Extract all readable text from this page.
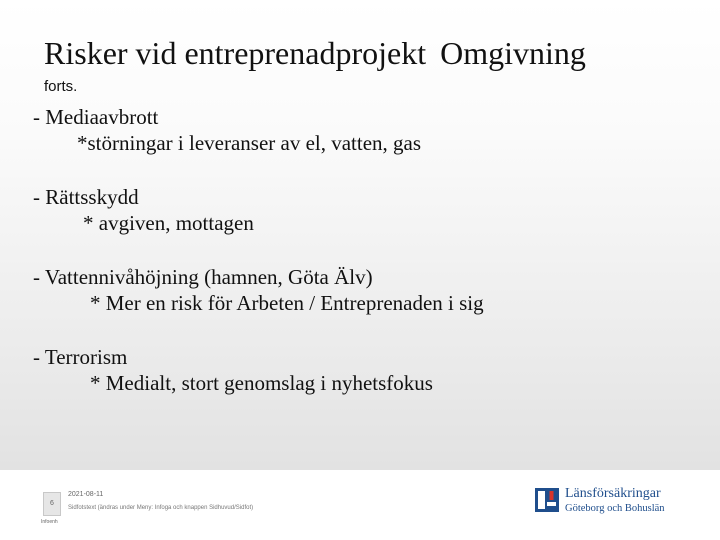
Risker vid entreprenadprojekt Omgivning
forts.
- Mediaavbrott
*störningar i leveranser av el, vatten, gas
- Rättsskydd
* avgiven, mottagen
- Vattennivåhöjning (hamnen, Göta Älv)
* Mer en risk för Arbeten / Entreprenaden i sig
- Terrorism
* Medialt, stort genomslag i nyhetsfokus
6
Infoenh
2021-08-11
Sidfotstext (ändras under Meny: Infoga och knappen Sidhuvud/Sidfot)
Länsförsäkringar
Göteborg och Bohuslän
